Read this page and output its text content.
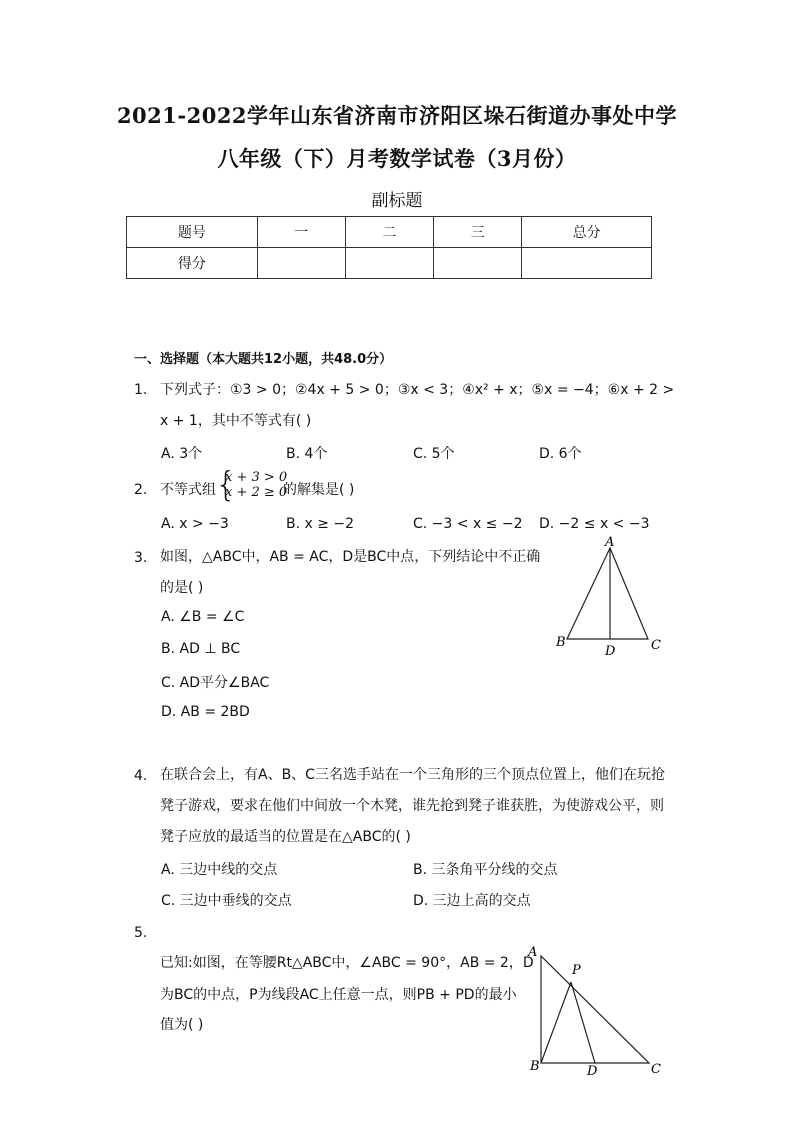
2021-2022学年山东省济南市济阳区垛石街道办事处中学
八年级（下）月考数学试卷（3月份）
副标题
题号	一	二	三	总分
得分				
一、选择题（本大题共12小题，共48.0分）
1. 下列式子：①3 > 0；②4x + 5 > 0；③x < 3；④x² + x；⑤x = −4；⑥x + 2 >
x + 1，其中不等式有( )
A. 3个	B. 4个	C. 5个	D. 6个
2. 不等式组 {
x + 3 > 0
x + 2 ≥ 0
的解集是( )
A. x > −3	B. x ≥ −2	C. −3 < x ≤ −2 D. −2 ≤ x < −3
3. 如图，△ABC中，AB = AC，D是BC中点，下列结论中不正确
的是( )
A. ∠B = ∠C
B. AD ⊥ BC
C. AD平分∠BAC
D. AB = 2BD
A
B	C
D
4. 在联合会上，有A、B、C三名选手站在一个三角形的三个顶点位置上，他们在玩抢
凳子游戏，要求在他们中间放一个木凳，谁先抢到凳子谁获胜，为使游戏公平，则
凳子应放的最适当的位置是在△ABC的( )
A. 三边中线的交点	B. 三条角平分线的交点
C. 三边中垂线的交点	D. 三边上高的交点
5.
已知:如图，在等腰Rt△ABC中，∠ABC = 90°，AB = 2，D
为BC的中点，P为线段AC上任意一点，则PB + PD的最小
值为( )
A
B	C
D
P
